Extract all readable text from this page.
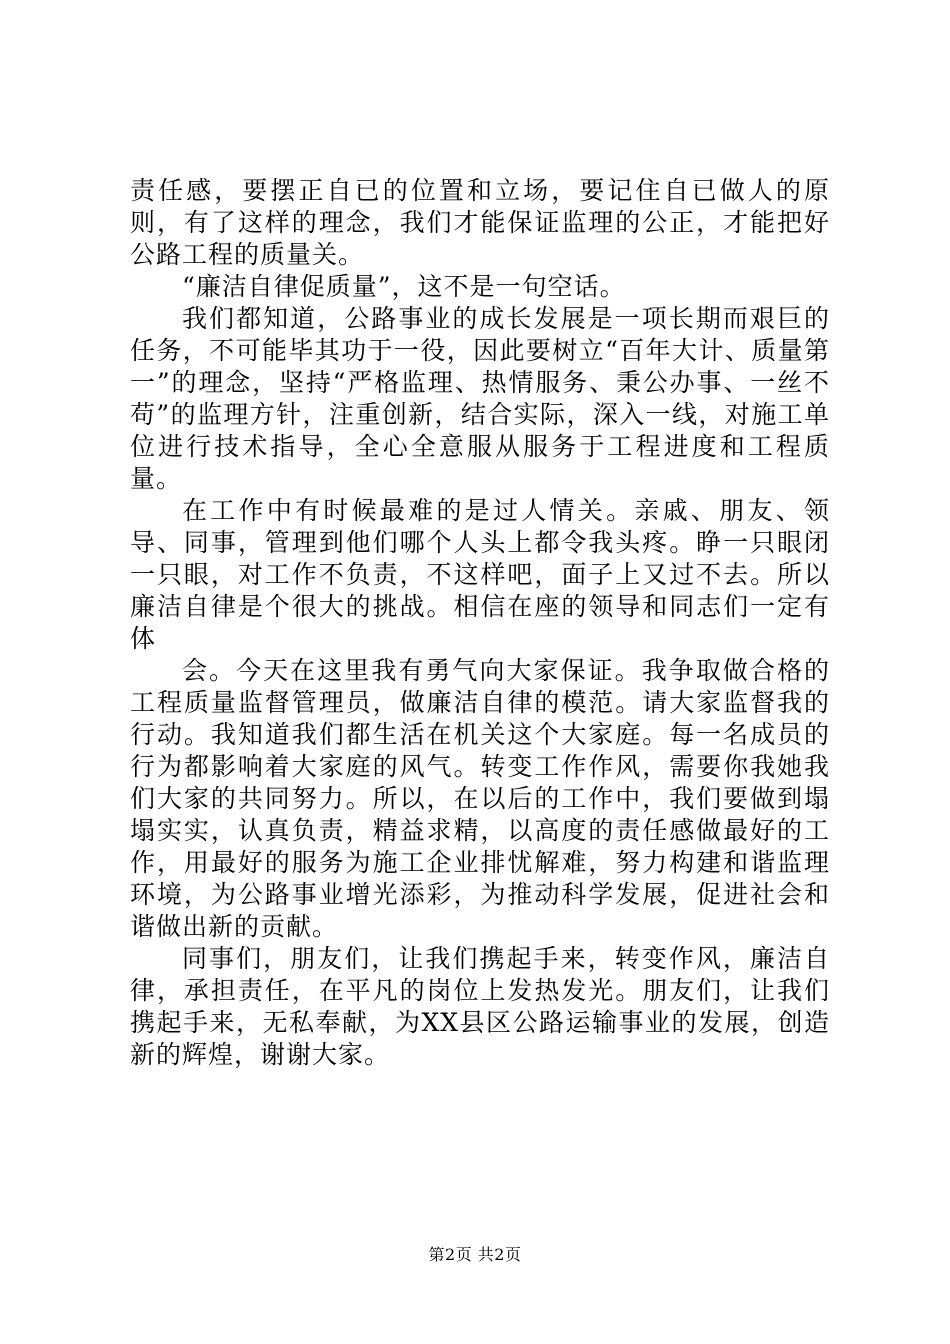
责任感，要摆正自已的位置和立场，要记住自已做人的原则，有了这样的理念，我们才能保证监理的公正，才能把好公路工程的质量关。

“廉洁自律促质量”，这不是一句空话。

我们都知道，公路事业的成长发展是一项长期而艰巨的任务，不可能毕其功于一役，因此要树立“百年大计、质量第一”的理念，坚持“严格监理、热情服务、秉公办事、一丝不苟”的监理方针，注重创新，结合实际，深入一线，对施工单位进行技术指导，全心全意服从服务于工程进度和工程质量。

在工作中有时候最难的是过人情关。亲戚、朋友、领导、同事，管理到他们哪个人头上都令我头疼。睁一只眼闭一只眼，对工作不负责，不这样吧，面子上又过不去。所以廉洁自律是个很大的挑战。相信在座的领导和同志们一定有体

会。今天在这里我有勇气向大家保证。我争取做合格的工程质量监督管理员，做廉洁自律的模范。请大家监督我的行动。我知道我们都生活在机关这个大家庭。每一名成员的行为都影响着大家庭的风气。转变工作作风，需要你我她我们大家的共同努力。所以，在以后的工作中，我们要做到塌塌实实，认真负责，精益求精，以高度的责任感做最好的工作，用最好的服务为施工企业排忧解难，努力构建和谐监理环境，为公路事业增光添彩，为推动科学发展，促进社会和谐做出新的贡献。

同事们，朋友们，让我们携起手来，转变作风，廉洁自律，承担责任，在平凡的岗位上发热发光。朋友们，让我们携起手来，无私奉献，为XX县区公路运输事业的发展，创造新的辉煌，谢谢大家。

第2页 共2页
